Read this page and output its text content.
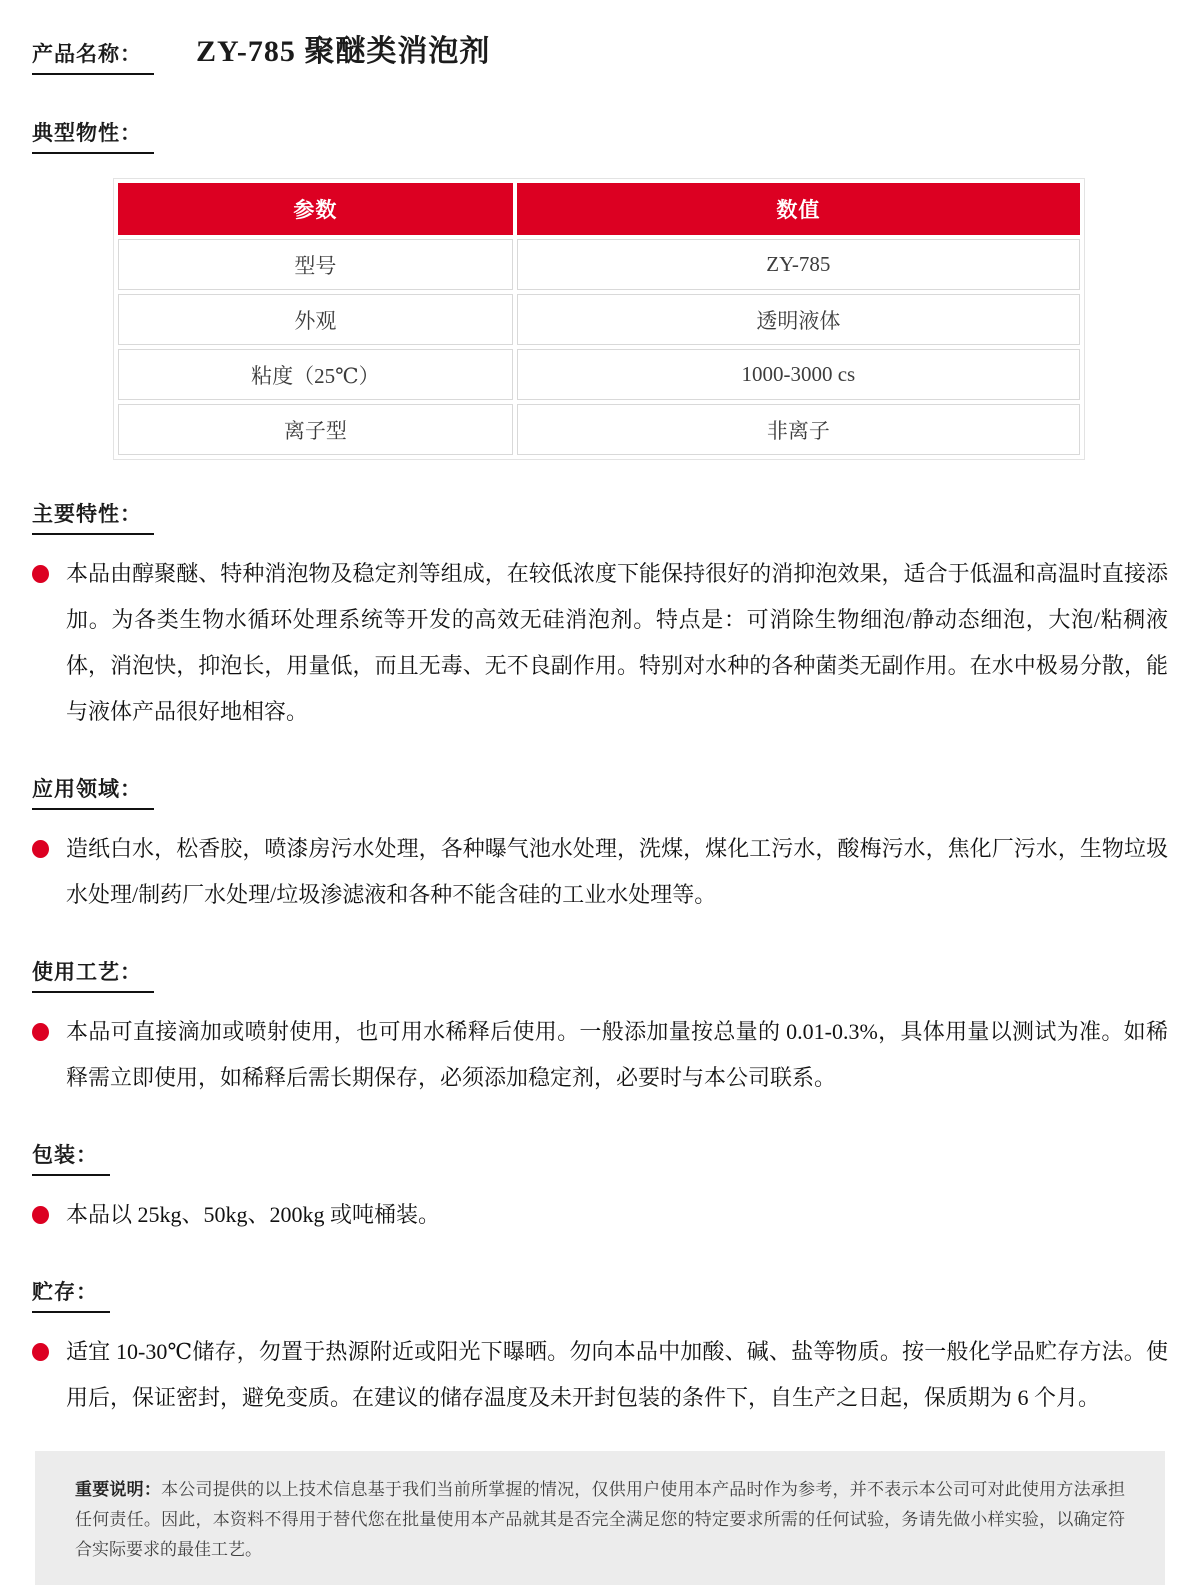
产品名称：	ZY-785 聚醚类消泡剂
典型物性：
参数	数值
型号	ZY-785
外观	透明液体
粘度（25℃）	1000-3000 cs
离子型	非离子
主要特性：
本品由醇聚醚、特种消泡物及稳定剂等组成，在较低浓度下能保持很好的消抑泡效果，适合于低温和高温时直接添加。为各类生物水循环处理系统等开发的高效无硅消泡剂。特点是：可消除生物细泡/静动态细泡，大泡/粘稠液体，消泡快，抑泡长，用量低，而且无毒、无不良副作用。特别对水种的各种菌类无副作用。在水中极易分散，能与液体产品很好地相容。
应用领域：
造纸白水，松香胶，喷漆房污水处理，各种曝气池水处理，洗煤，煤化工污水，酸梅污水，焦化厂污水，生物垃圾水处理/制药厂水处理/垃圾渗滤液和各种不能含硅的工业水处理等。
使用工艺：
本品可直接滴加或喷射使用，也可用水稀释后使用。一般添加量按总量的 0.01-0.3%，具体用量以测试为准。如稀释需立即使用，如稀释后需长期保存，必须添加稳定剂，必要时与本公司联系。
包装：
本品以 25kg、50kg、200kg 或吨桶装。
贮存：
适宜 10-30℃储存，勿置于热源附近或阳光下曝晒。勿向本品中加酸、碱、盐等物质。按一般化学品贮存方法。使用后，保证密封，避免变质。在建议的储存温度及未开封包装的条件下，自生产之日起，保质期为 6 个月。
重要说明：本公司提供的以上技术信息基于我们当前所掌握的情况，仅供用户使用本产品时作为参考，并不表示本公司可对此使用方法承担任何责任。因此，本资料不得用于替代您在批量使用本产品就其是否完全满足您的特定要求所需的任何试验，务请先做小样实验，以确定符合实际要求的最佳工艺。
